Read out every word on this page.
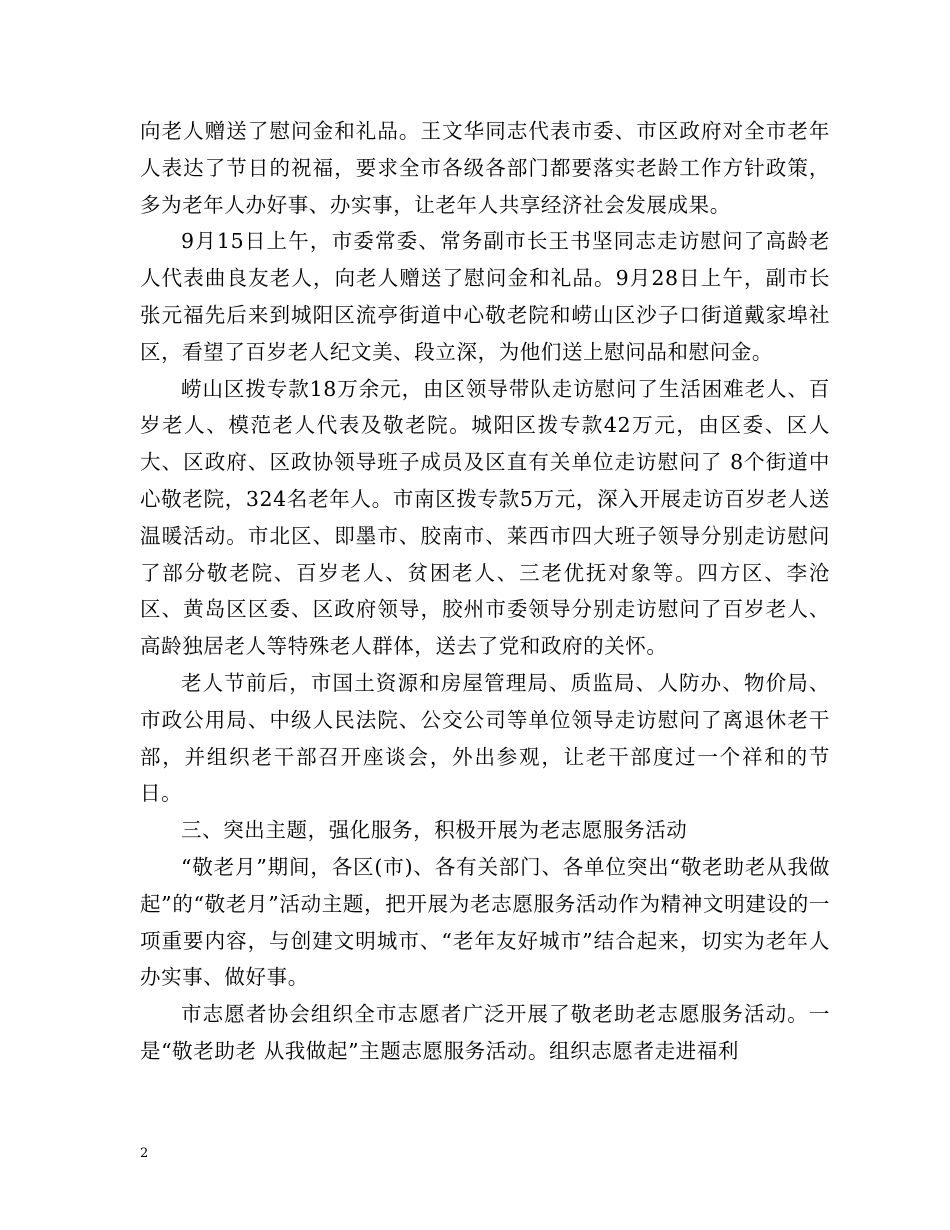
向老人赠送了慰问金和礼品。王文华同志代表市委、市区政府对全市老年人表达了节日的祝福，要求全市各级各部门都要落实老龄工作方针政策，多为老年人办好事、办实事，让老年人共享经济社会发展成果。

9月15日上午，市委常委、常务副市长王书坚同志走访慰问了高龄老人代表曲良友老人，向老人赠送了慰问金和礼品。9月28日上午，副市长张元福先后来到城阳区流亭街道中心敬老院和崂山区沙子口街道戴家埠社区，看望了百岁老人纪文美、段立深，为他们送上慰问品和慰问金。

崂山区拨专款18万余元，由区领导带队走访慰问了生活困难老人、百岁老人、模范老人代表及敬老院。城阳区拨专款42万元，由区委、区人大、区政府、区政协领导班子成员及区直有关单位走访慰问了 8个街道中心敬老院，324名老年人。市南区拨专款5万元，深入开展走访百岁老人送温暖活动。市北区、即墨市、胶南市、莱西市四大班子领导分别走访慰问了部分敬老院、百岁老人、贫困老人、三老优抚对象等。四方区、李沧区、黄岛区区委、区政府领导，胶州市委领导分别走访慰问了百岁老人、高龄独居老人等特殊老人群体，送去了党和政府的关怀。

老人节前后，市国土资源和房屋管理局、质监局、人防办、物价局、市政公用局、中级人民法院、公交公司等单位领导走访慰问了离退休老干部，并组织老干部召开座谈会，外出参观，让老干部度过一个祥和的节日。

三、突出主题，强化服务，积极开展为老志愿服务活动

“敬老月”期间，各区(市)、各有关部门、各单位突出“敬老助老从我做起”的“敬老月”活动主题，把开展为老志愿服务活动作为精神文明建设的一项重要内容，与创建文明城市、“老年友好城市”结合起来，切实为老年人办实事、做好事。

市志愿者协会组织全市志愿者广泛开展了敬老助老志愿服务活动。一是“敬老助老 从我做起”主题志愿服务活动。组织志愿者走进福利

2
